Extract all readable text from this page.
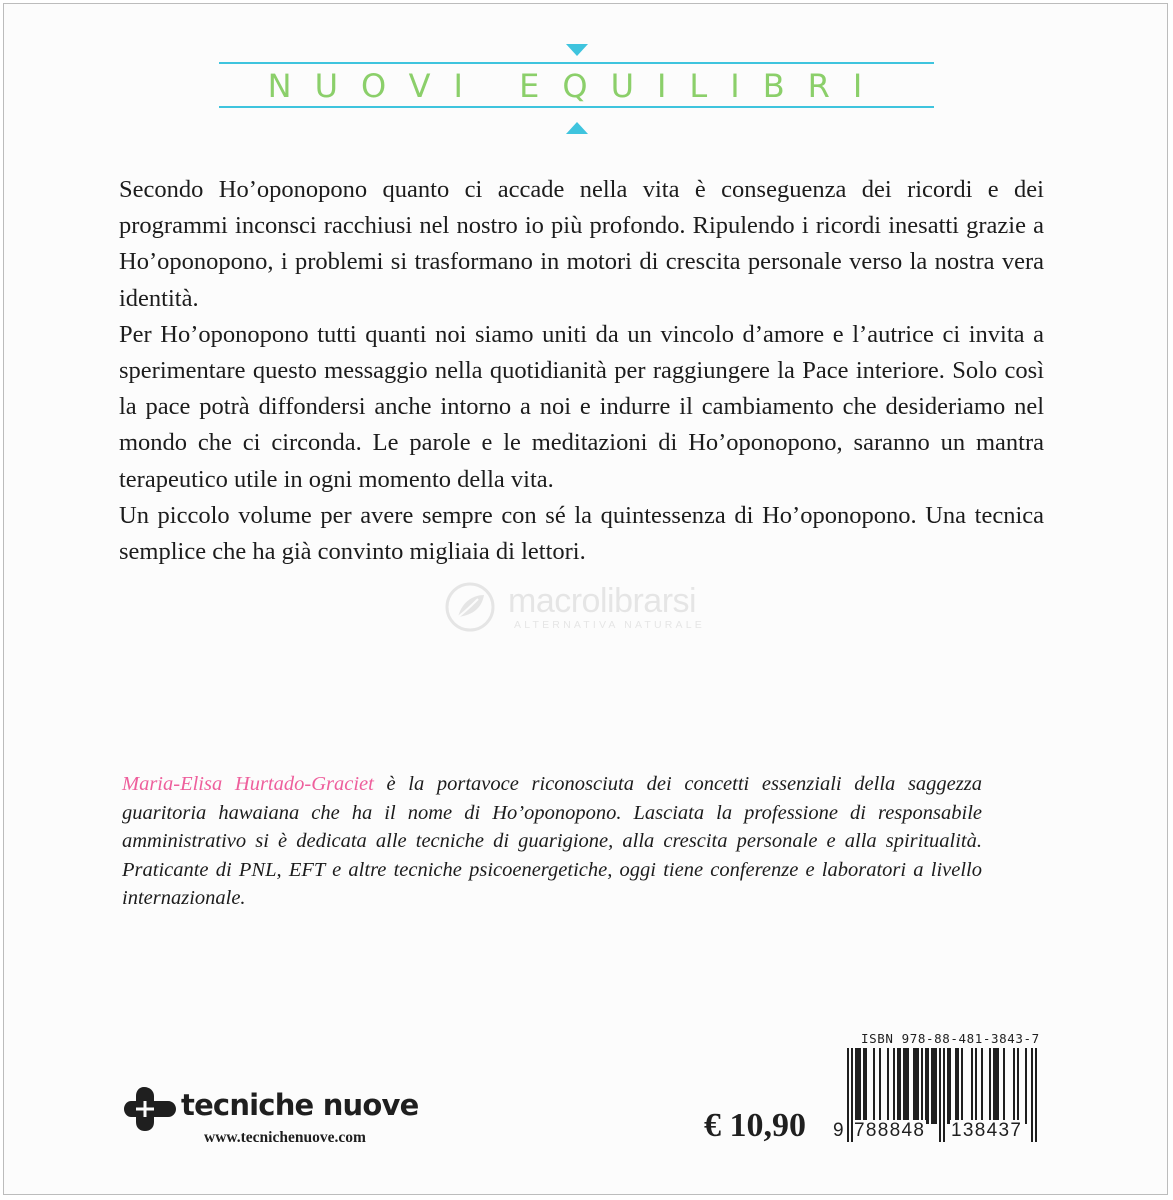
NUOVI EQUILIBRI

Secondo Ho’oponopono quanto ci accade nella vita è conseguenza dei ricordi e dei programmi inconsci racchiusi nel nostro io più profondo. Ripulendo i ricordi inesatti grazie a Ho’oponopono, i problemi si trasformano in motori di crescita personale verso la nostra vera identità.

Per Ho’oponopono tutti quanti noi siamo uniti da un vincolo d’amore e l’autrice ci invita a sperimentare questo messaggio nella quotidianità per raggiungere la Pace interiore. Solo così la pace potrà diffondersi anche intorno a noi e indurre il cambiamento che desideriamo nel mondo che ci circonda. Le parole e le meditazioni di Ho’oponopono, saranno un mantra terapeutico utile in ogni momento della vita.

Un piccolo volume per avere sempre con sé la quintessenza di Ho’oponopono. Una tecnica semplice che ha già convinto migliaia di lettori.

macrolibrarsi
ALTERNATIVA NATURALE
Maria-Elisa Hurtado-Graciet è la portavoce riconosciuta dei concetti essenziali della saggezza guaritoria hawaiana che ha il nome di Ho’oponopono. Lasciata la professione di responsabile amministrativo si è dedicata alle tecniche di guarigione, alla crescita personale e alla spiritualità. Praticante di PNL, EFT e altre tecniche psicoenergetiche, oggi tiene conferenze e laboratori a livello internazionale.
tecniche nuove
www.tecnichenuove.com	€ 10,90
ISBN 978-88-481-3843-7
9 788848 138437
